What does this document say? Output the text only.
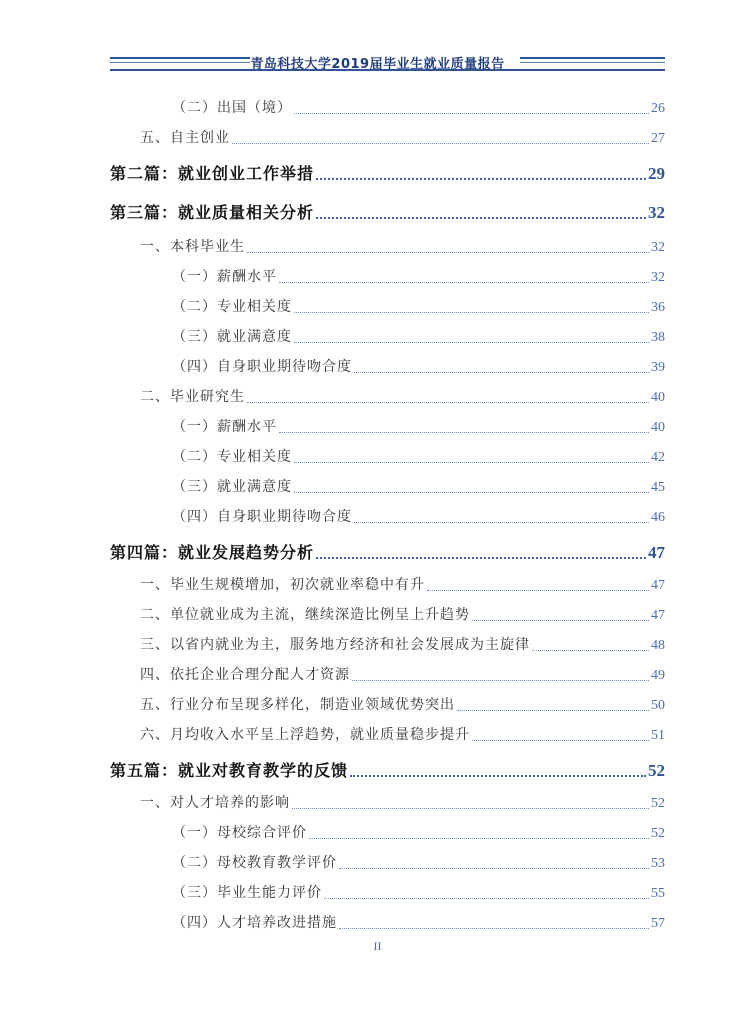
青岛科技大学2019届毕业生就业质量报告
（二）出国（境）	26
五、自主创业	27
第二篇：就业创业工作举措	29
第三篇：就业质量相关分析	32
一、本科毕业生	32
（一）薪酬水平	32
（二）专业相关度	36
（三）就业满意度	38
（四）自身职业期待吻合度	39
二、毕业研究生	40
（一）薪酬水平	40
（二）专业相关度	42
（三）就业满意度	45
（四）自身职业期待吻合度	46
第四篇：就业发展趋势分析	47
一、毕业生规模增加，初次就业率稳中有升	47
二、单位就业成为主流，继续深造比例呈上升趋势	47
三、以省内就业为主，服务地方经济和社会发展成为主旋律	48
四、依托企业合理分配人才资源	49
五、行业分布呈现多样化，制造业领域优势突出	50
六、月均收入水平呈上浮趋势，就业质量稳步提升	51
第五篇：就业对教育教学的反馈	52
一、对人才培养的影响	52
（一）母校综合评价	52
（二）母校教育教学评价	53
（三）毕业生能力评价	55
（四）人才培养改进措施	57
II
